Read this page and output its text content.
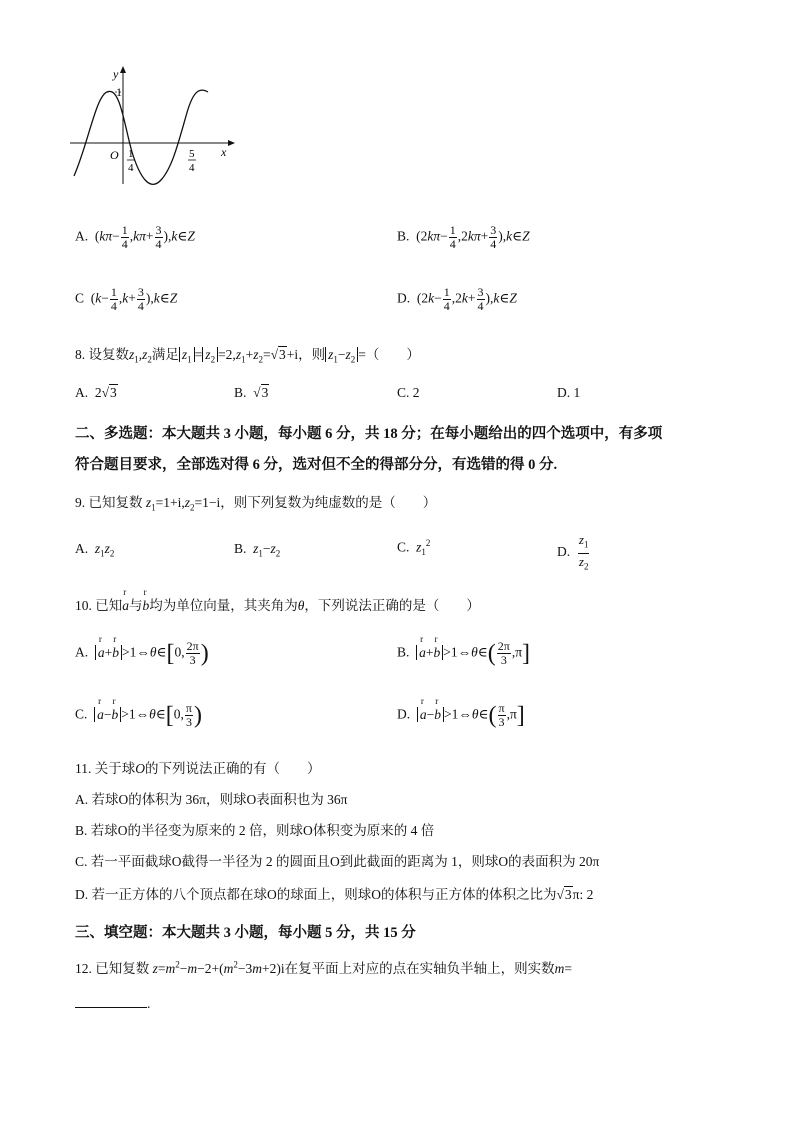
y
1
x
O 1
4
5
4
A.  ($k\pi- \frac{1}{4} ,k\pi+ \frac{3}{4}$ ),k∈Z	B.  ($2k\pi- \frac{1}{4} ,2k\pi+ \frac{3}{4}$ ),k∈Z
C  ($k- \frac{1}{4} ,k+ \frac{3}{4}$ ),k∈Z	D.  ($2k- \frac{1}{4} ,2k+ \frac{3}{4}$ ),k∈Z
8. 设复数$z_1,z_2$满足 $z_1 = z_2 =2,z_1+z_2=√3+i$，则 $z_1-z_2$ =（　　）
A.  2√3	B.  √3	C. 2	D. 1
二、多选题：本大题共 3 小题，每小题 6 分，共 18 分；在每小题给出的四个选项中，有多项
符合题目要求，全部选对得 6 分，选对但不全的得部分分，有选错的得 0 分.
9. 已知复数 $z_1=1+i,z_2=1-i$，则下列复数为纯虚数的是（　　）
A. $z_1z_2$	B. $z_1-z_2$	C. $z_1^2$
D. $\frac{z_1}{z_2}$
10. 已知a
r
与b
r
均为单位向量，其夹角为θ，下列说法正确的是（　　）
A. a
r
+b
r
>1⇔θ∈[0, $\frac{2\pi}{3}$ )	B. a
r
+b
r
>1⇔θ∈( $\frac{2\pi}{3} ,\pi$]
C. a
r
−b
r
>1⇔θ∈[0, $\frac{\pi}{3}$ )	D. a
r
−b
r
>1⇔θ∈( $\frac{\pi}{3} ,\pi$]
11. 关于球O的下列说法正确的有（　　）
A. 若球O的体积为 36π，则球O表面积也为 36π
B. 若球O的半径变为原来的 2 倍，则球O体积变为原来的 4 倍
C. 若一平面截球O截得一半径为 2 的圆面且O到此截面的距离为 1，则球O的表面积为 20π
D. 若一正方体的八个顶点都在球O的球面上，则球O的体积与正方体的体积之比为√3π: 2
三、填空题：本大题共 3 小题，每小题 5 分，共 15 分
12. 已知复数 $z=m^2-m-2+(m^2-3m+2)i$在复平面上对应的点在实轴负半轴上，则实数m=
.
